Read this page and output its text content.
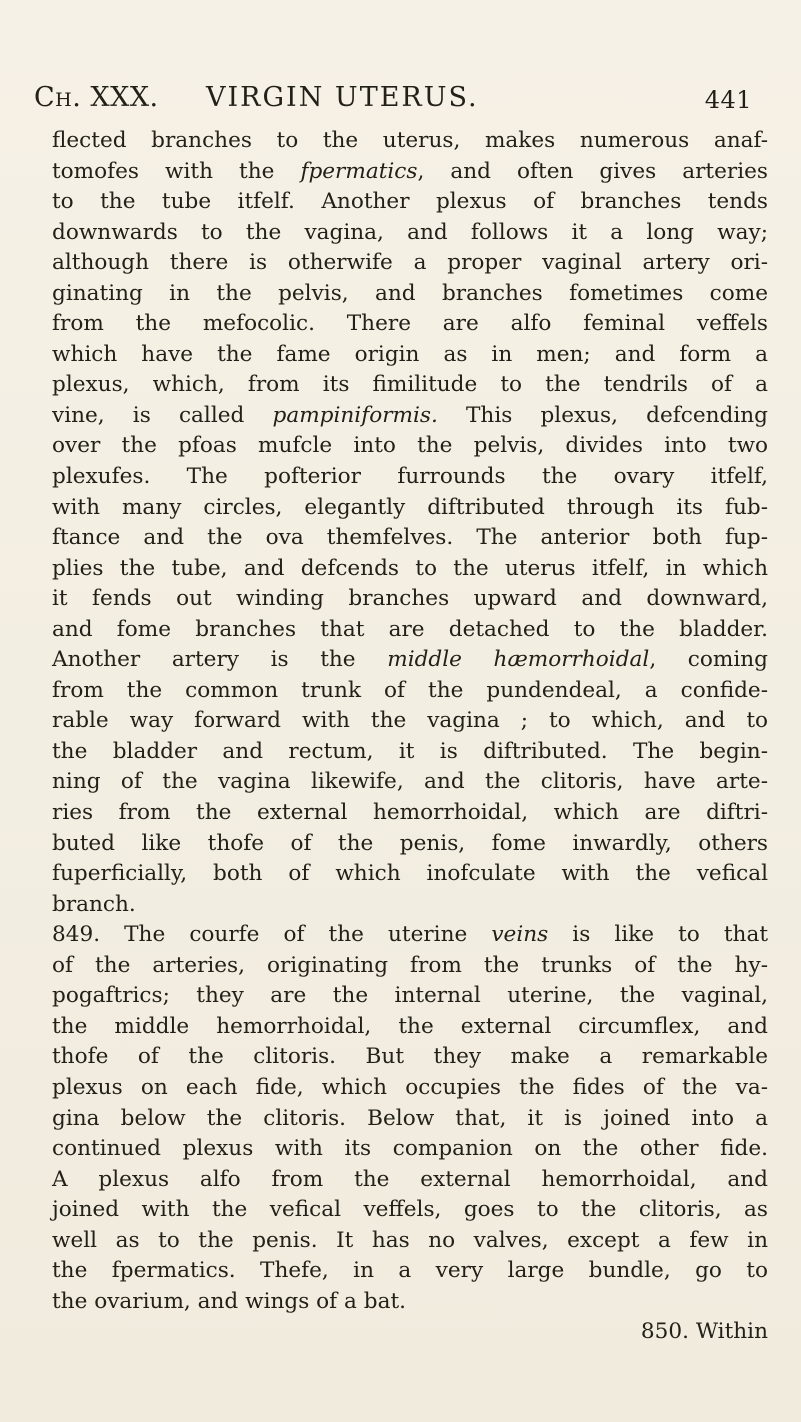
Ch. XXX. VIRGIN UTERUS.	441
flected branches to the uterus, makes numerous anaf-
tomofes with the fpermatics, and often gives arteries
to the tube itfelf. Another plexus of branches tends
downwards to the vagina, and follows it a long way;
although there is otherwife a proper vaginal artery ori-
ginating in the pelvis, and branches fometimes come
from the mefocolic. There are alfo feminal veffels
which have the fame origin as in men; and form a
plexus, which, from its fimilitude to the tendrils of a
vine, is called pampiniformis. This plexus, defcending
over the pfoas mufcle into the pelvis, divides into two
plexufes. The pofterior furrounds the ovary itfelf,
with many circles, elegantly diftributed through its fub-
ftance and the ova themfelves. The anterior both fup-
plies the tube, and defcends to the uterus itfelf, in which
it fends out winding branches upward and downward,
and fome branches that are detached to the bladder.
Another artery is the middle hæmorrhoidal, coming
from the common trunk of the pundendeal, a confide-
rable way forward with the vagina ; to which, and to
the bladder and rectum, it is diftributed. The begin-
ning of the vagina likewife, and the clitoris, have arte-
ries from the external hemorrhoidal, which are diftri-
buted like thofe of the penis, fome inwardly, others
fuperficially, both of which inofculate with the vefical
branch.
849. The courfe of the uterine veins is like to that
of the arteries, originating from the trunks of the hy-
pogaftrics; they are the internal uterine, the vaginal,
the middle hemorrhoidal, the external circumflex, and
thofe of the clitoris. But they make a remarkable
plexus on each fide, which occupies the fides of the va-
gina below the clitoris. Below that, it is joined into a
continued plexus with its companion on the other fide.
A plexus alfo from the external hemorrhoidal, and
joined with the vefical veffels, goes to the clitoris, as
well as to the penis. It has no valves, except a few in
the fpermatics. Thefe, in a very large bundle, go to
the ovarium, and wings of a bat.
850. Within
